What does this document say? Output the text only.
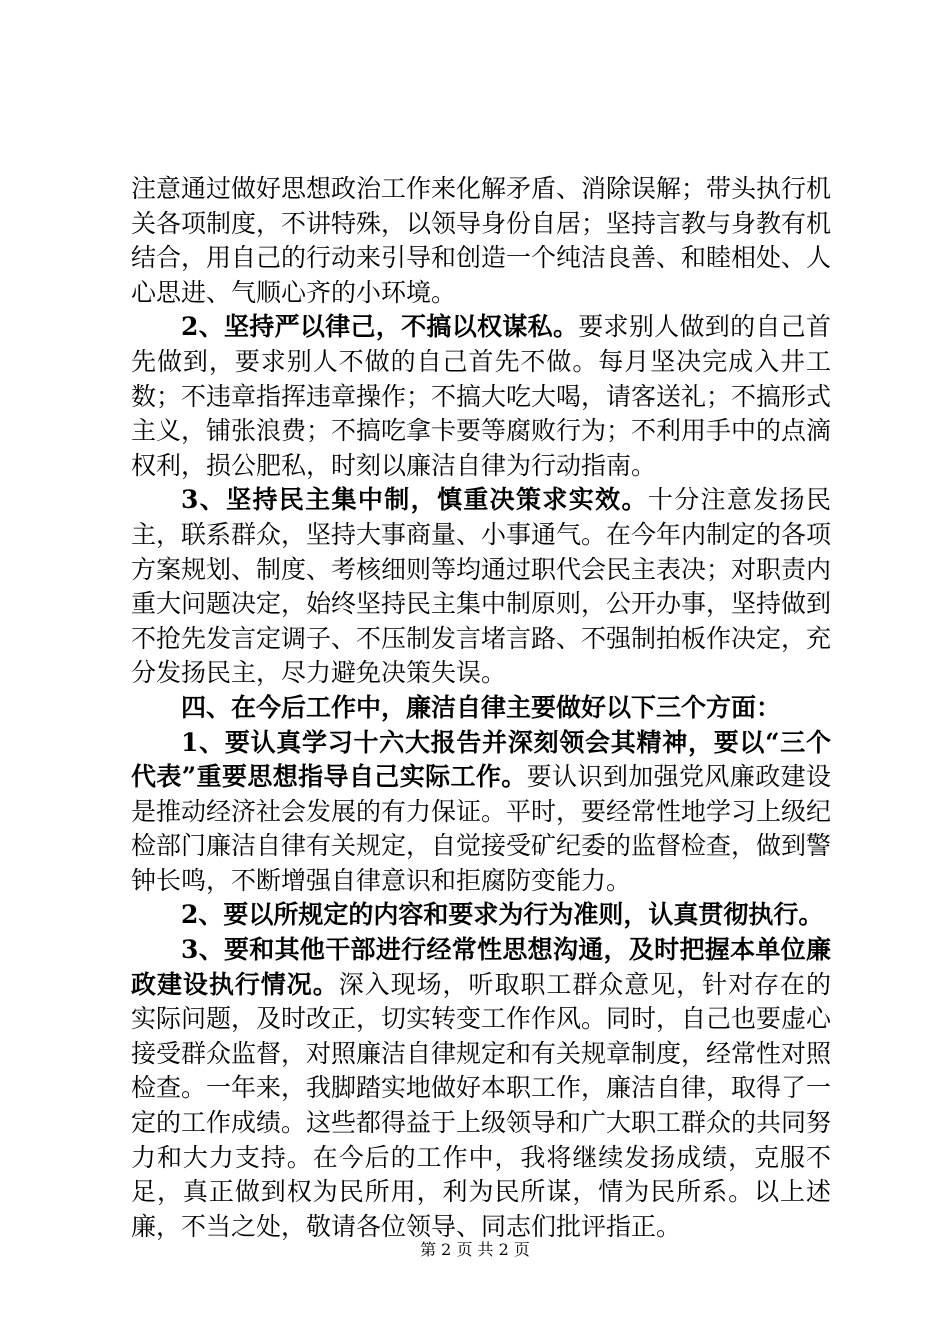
注意通过做好思想政治工作来化解矛盾、消除误解；带头执行机关各项制度，不讲特殊，以领导身份自居；坚持言教与身教有机结合，用自己的行动来引导和创造一个纯洁良善、和睦相处、人心思进、气顺心齐的小环境。

2、坚持严以律己，不搞以权谋私。要求别人做到的自己首先做到，要求别人不做的自己首先不做。每月坚决完成入井工数；不违章指挥违章操作；不搞大吃大喝，请客送礼；不搞形式主义，铺张浪费；不搞吃拿卡要等腐败行为；不利用手中的点滴权利，损公肥私，时刻以廉洁自律为行动指南。

3、坚持民主集中制，慎重决策求实效。十分注意发扬民主，联系群众，坚持大事商量、小事通气。在今年内制定的各项方案规划、制度、考核细则等均通过职代会民主表决；对职责内重大问题决定，始终坚持民主集中制原则，公开办事，坚持做到不抢先发言定调子、不压制发言堵言路、不强制拍板作决定，充分发扬民主，尽力避免决策失误。

四、在今后工作中，廉洁自律主要做好以下三个方面：

1、要认真学习十六大报告并深刻领会其精神，要以“三个代表”重要思想指导自己实际工作。要认识到加强党风廉政建设是推动经济社会发展的有力保证。平时，要经常性地学习上级纪检部门廉洁自律有关规定，自觉接受矿纪委的监督检查，做到警钟长鸣，不断增强自律意识和拒腐防变能力。

2、要以所规定的内容和要求为行为准则，认真贯彻执行。

3、要和其他干部进行经常性思想沟通，及时把握本单位廉政建设执行情况。深入现场，听取职工群众意见，针对存在的实际问题，及时改正，切实转变工作作风。同时，自己也要虚心接受群众监督，对照廉洁自律规定和有关规章制度，经常性对照检查。一年来，我脚踏实地做好本职工作，廉洁自律，取得了一定的工作成绩。这些都得益于上级领导和广大职工群众的共同努力和大力支持。在今后的工作中，我将继续发扬成绩，克服不足，真正做到权为民所用，利为民所谋，情为民所系。以上述廉，不当之处，敬请各位领导、同志们批评指正。

第 2 页 共 2 页
